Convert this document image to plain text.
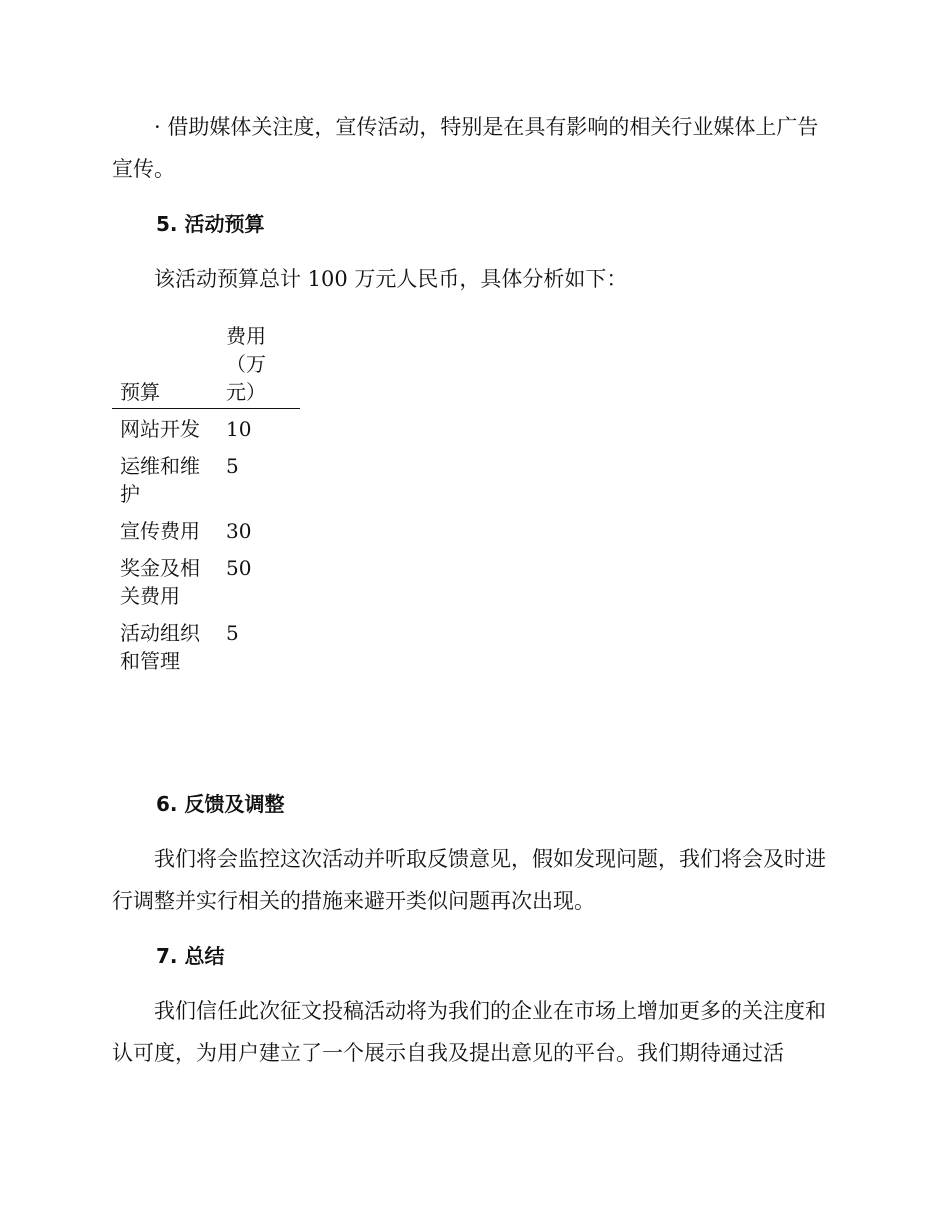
· 借助媒体关注度，宣传活动，特别是在具有影响的相关行业媒体上广告宣传。

5. 活动预算

该活动预算总计 100 万元人民币，具体分析如下：

预算	费用（万元）
网站开发	10
运维和维护	5
宣传费用	30
奖金及相关费用	50
活动组织和管理	5
6. 反馈及调整

我们将会监控这次活动并听取反馈意见，假如发现问题，我们将会及时进行调整并实行相关的措施来避开类似问题再次出现。

7. 总结

我们信任此次征文投稿活动将为我们的企业在市场上增加更多的关注度和认可度，为用户建立了一个展示自我及提出意见的平台。我们期待通过活
